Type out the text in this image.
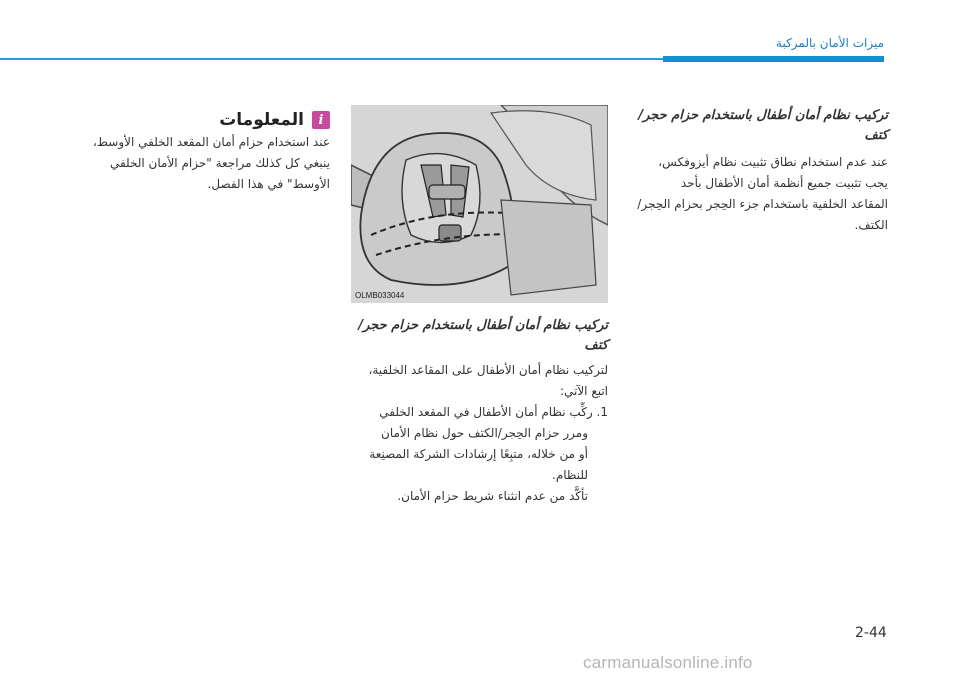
ﻣﻴﺰات اﻷﻣﺎن بالمركبة
ﺗﺮﻛﻴﺐ ﻧﻈﺎم أﻣﺎن أﻃﻔﺎل ﺑﺎﺳﺘﺨﺪام ﺣﺰام ﺣﺠﺮ/ﻛﺘﻒ
عند عدم استخدام نطاق تثبيت نظام أيزوفكس،
يجب تثبيت جميع أنظمة أمان الأطفال بأحد
المقاعد الخلفية باستخدام جزء الحِجر بحزام الحِجر/
الكتف.
OLMB033044
ﺗﺮﻛﻴﺐ ﻧﻈﺎم أﻣﺎن أﻃﻔﺎل ﺑﺎﺳﺘﺨﺪام ﺣﺰام ﺣﺠﺮ/ﻛﺘﻒ
لتركيب نظام أمان الأطفال على المقاعد الخلفية،
اتبع الآتي:
1. ركِّب نظام أمان الأطفال في المقعد الخلفي
ومرر حزام الحِجر/الكتف حول نظام الأمان
أو من خلاله، متبِعًا إرشادات الشركة المصنِعة
للنظام.
تأكَّد من عدم انثناء شريط حزام الأمان.
i
المعلومات
عند استخدام حزام أمان المقعد الخلفي الأوسط،
ينبغي كل كذلك مراجعة "حزام الأمان الخلفي
الأوسط" في هذا الفصل.
2-44
carmanualsonline.info
